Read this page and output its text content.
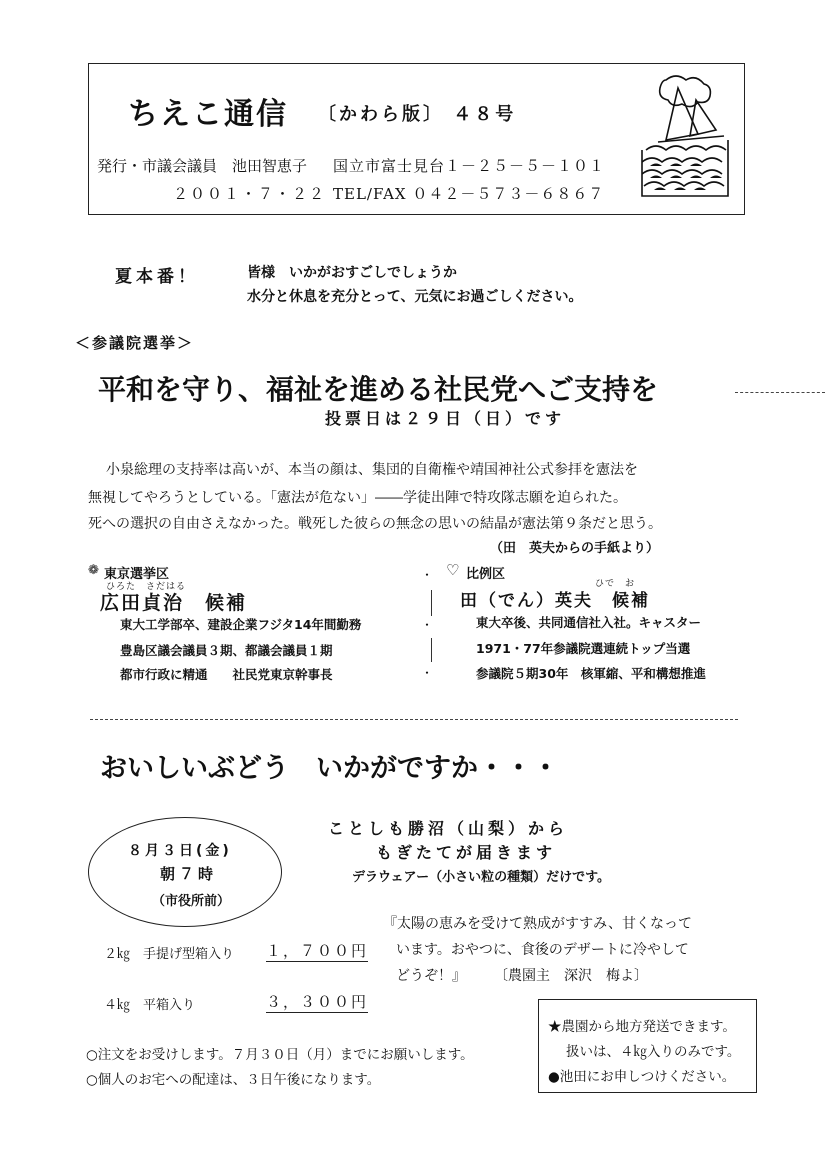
ちえこ通信 〔かわら版〕 ４８号
発行・市議会議員　池田智恵子 国立市富士見台１－２５－５－１０１
２００１・７・２２ TEL/FAX ０４２－５７３－６８６７
夏本番！	皆様　いかがおすごしでしょうか
水分と休息を充分とって、元気にお過ごしください。
＜参議院選挙＞
平和を守り、福祉を進める社民党へご支持を
投票日は２９日（日）です
小泉総理の支持率は高いが、本当の顔は、集団的自衛権や靖国神社公式参拝を憲法を
無視してやろうとしている。「憲法が危ない」――学徒出陣で特攻隊志願を迫られた。
死への選択の自由さえなかった。戦死した彼らの無念の思いの結晶が憲法第９条だと思う。
（田　英夫からの手紙より）
❁ 東京選挙区
ひろた　さだはる
広田貞治　候補
東大工学部卒、建設企業フジタ14年間勤務
豊島区議会議員３期、都議会議員１期
都市行政に精通　　社民党東京幹事長
・
・
・
♡ 比例区
ひで　お
田（でん）英夫　候補
東大卒後、共同通信社入社。キャスター
1971・77年参議院選連続トップ当選
参議院５期30年　核軍縮、平和構想推進
おいしいぶどう　いかがですか・・・
８月３日(金)
朝７時
（市役所前）
ことしも勝沼（山梨）から
もぎたてが届きます
デラウェアー（小さい粒の種類）だけです。
『太陽の恵みを受けて熟成がすすみ、甘くなって
います。おやつに、食後のデザートに冷やして
どうぞ！』　　　〔農園主　深沢　梅よ〕
２㎏　手提げ型箱入り １，７００円
４㎏　平箱入り	３，３００円
○注文をお受けします。７月３０日（月）までにお願いします。
○個人のお宅への配達は、３日午後になります。
★農園から地方発送できます。
扱いは、４㎏入りのみです。
●池田にお申しつけください。
